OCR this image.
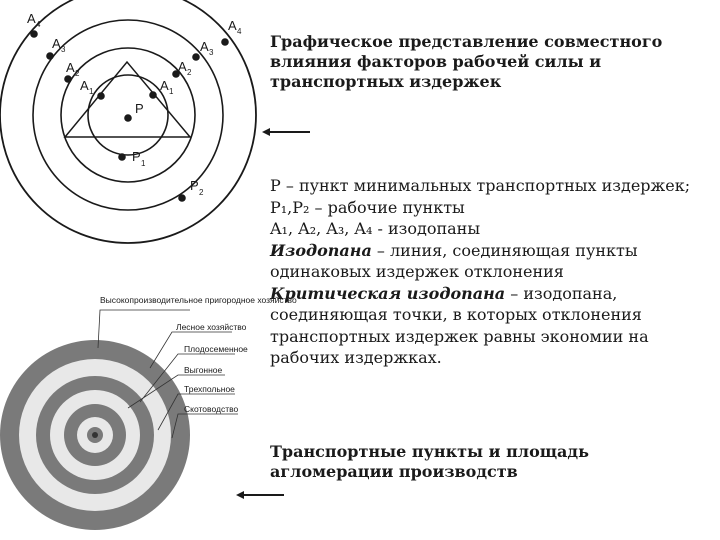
P
P 1
P 2
A 4	A 4
A 3	A 3
A 2	A 2
A 1	A 1
Графическое представление совместного влияния факторов рабочей силы и транспортных издержек

P – пункт минимальных транспортных издержек;

P₁,P₂ – рабочие пункты

A₁, A₂, A₃, A₄ - изодопаны

Изодопана – линия, соединяющая пункты одинаковых издержек отклонения

Критическая изодопана – изодопана, соединяющая точки, в которых отклонения транспортных издержек равны экономии на рабочих издержках.

Высокопроизводительное пригородное хозяйство
Лесное хозяйство
Плодосеменное
Выгонное
Трехпольное
Скотоводство
Транспортные пункты и площадь агломерации производств
